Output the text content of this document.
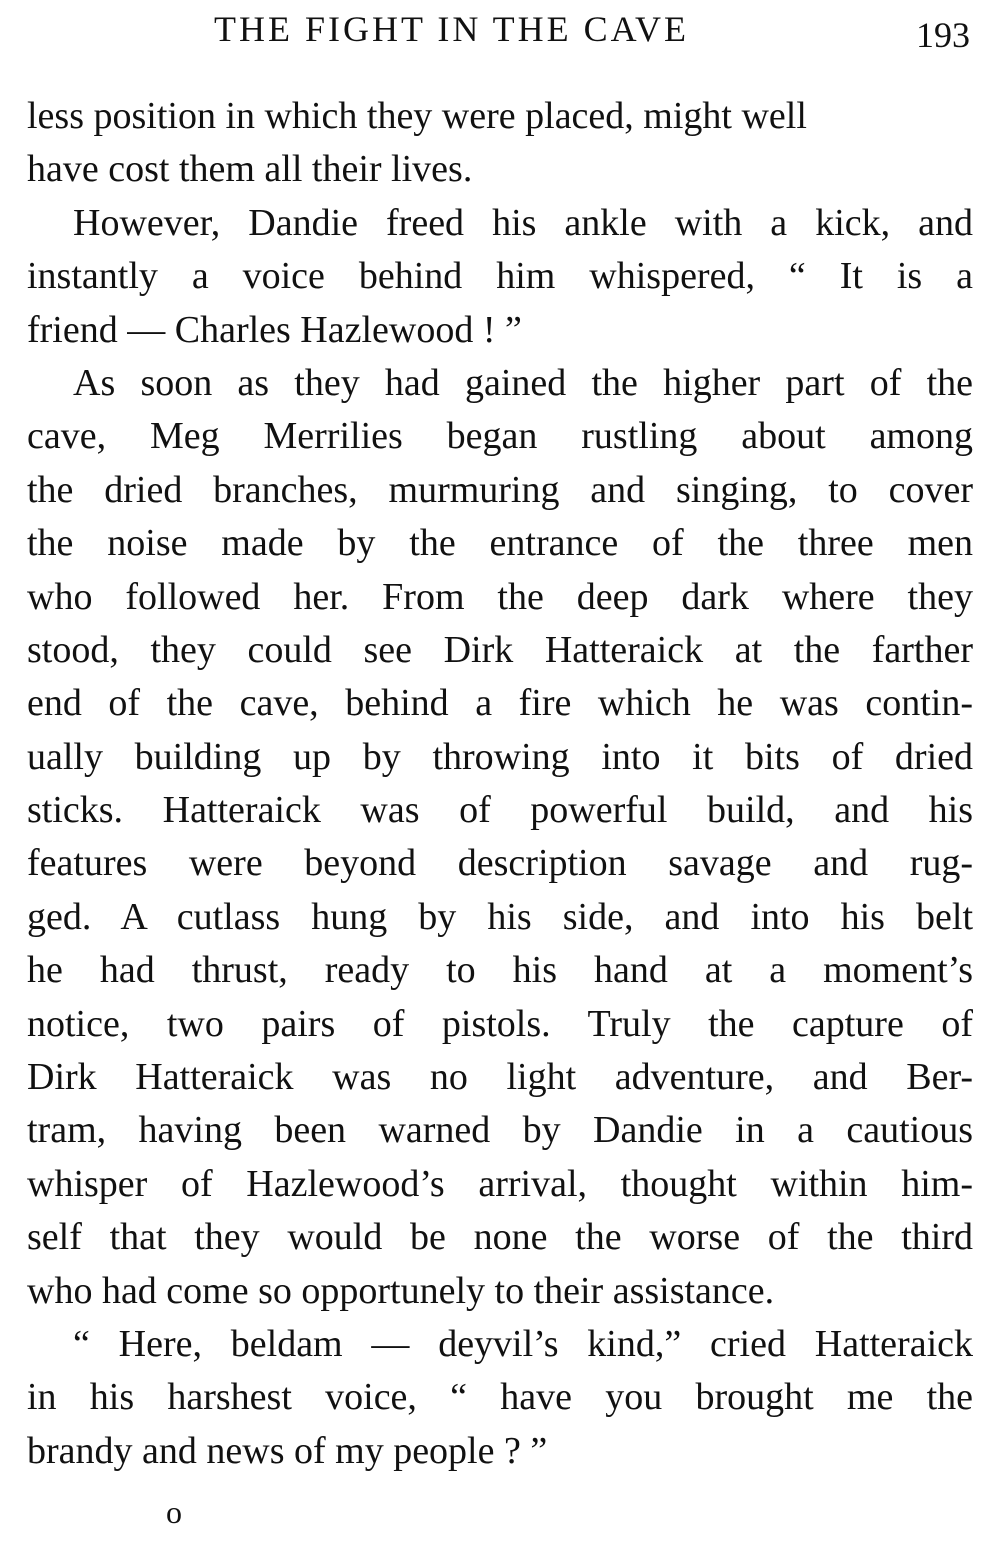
THE FIGHT IN THE CAVE	193
less position in which they were placed, might well
have cost them all their lives.
However, Dandie freed his ankle with a kick, and
instantly a voice behind him whispered, “ It is a
friend — Charles Hazlewood ! ”
As soon as they had gained the higher part of the
cave, Meg Merrilies began rustling about among
the dried branches, murmuring and singing, to cover
the noise made by the entrance of the three men
who followed her. From the deep dark where they
stood, they could see Dirk Hatteraick at the farther
end of the cave, behind a fire which he was contin-
ually building up by throwing into it bits of dried
sticks. Hatteraick was of powerful build, and his
features were beyond description savage and rug-
ged. A cutlass hung by his side, and into his belt
he had thrust, ready to his hand at a moment’s
notice, two pairs of pistols. Truly the capture of
Dirk Hatteraick was no light adventure, and Ber-
tram, having been warned by Dandie in a cautious
whisper of Hazlewood’s arrival, thought within him-
self that they would be none the worse of the third
who had come so opportunely to their assistance.
“ Here, beldam — deyvil’s kind,” cried Hatteraick
in his harshest voice, “ have you brought me the
brandy and news of my people ? ”
o
